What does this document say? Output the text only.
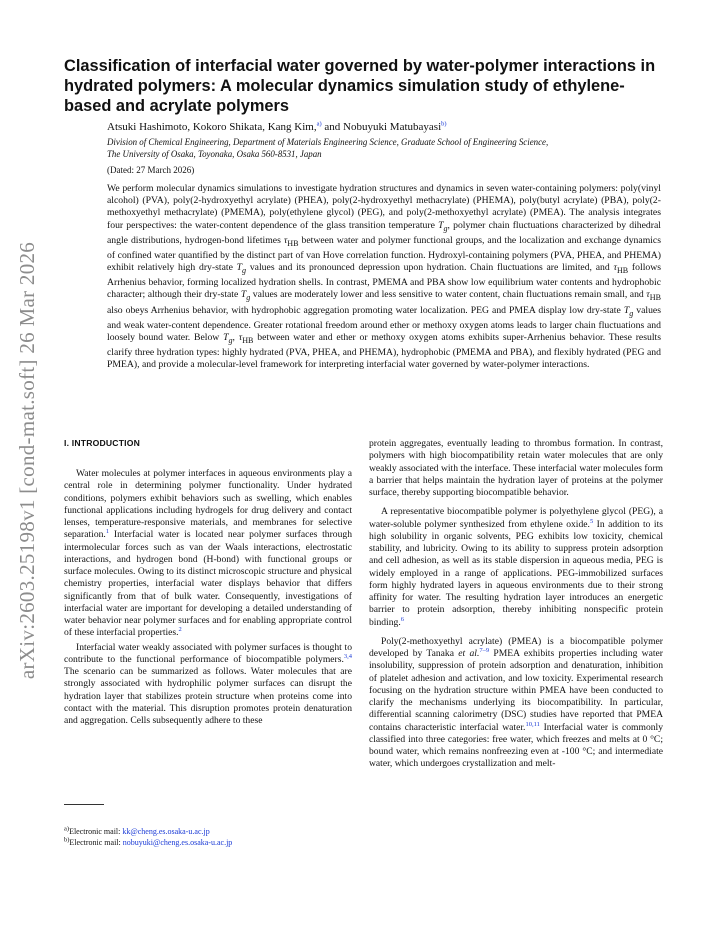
arXiv:2603.25198v1 [cond-mat.soft] 26 Mar 2026
Classification of interfacial water governed by water-polymer interactions in hydrated polymers: A molecular dynamics simulation study of ethylene-based and acrylate polymers
Atsuki Hashimoto, Kokoro Shikata, Kang Kim,$^{a)}$ and Nobuyuki Matubayasi$^{b)}$
Division of Chemical Engineering, Department of Materials Engineering Science, Graduate School of Engineering Science,
The University of Osaka, Toyonaka, Osaka 560-8531, Japan
(Dated: 27 March 2026)

We perform molecular dynamics simulations to investigate hydration structures and dynamics in seven water-containing polymers: poly(vinyl alcohol) (PVA), poly(2-hydroxyethyl acrylate) (PHEA), poly(2-hydroxyethyl methacrylate) (PHEMA), poly(butyl acrylate) (PBA), poly(2-methoxyethyl methacrylate) (PMEMA), poly(ethylene glycol) (PEG), and poly(2-methoxyethyl acrylate) (PMEA). The analysis integrates four perspectives: the water-content dependence of the glass transition temperature $T_g$, polymer chain fluctuations characterized by dihedral angle distributions, hydrogen-bond lifetimes $\tau_{HB}$ between water and polymer functional groups, and the localization and exchange dynamics of confined water quantified by the distinct part of van Hove correlation function. Hydroxyl-containing polymers (PVA, PHEA, and PHEMA) exhibit relatively high dry-state $T_g$ values and its pronounced depression upon hydration. Chain fluctuations are limited, and $\tau_{HB}$ follows Arrhenius behavior, forming localized hydration shells. In contrast, PMEMA and PBA show low equilibrium water contents and hydrophobic character; although their dry-state $T_g$ values are moderately lower and less sensitive to water content, chain fluctuations remain small, and $\tau_{HB}$ also obeys Arrhenius behavior, with hydrophobic aggregation promoting water localization. PEG and PMEA display low dry-state $T_g$ values and weak water-content dependence. Greater rotational freedom around ether or methoxy oxygen atoms leads to larger chain fluctuations and loosely bound water. Below $T_g$, $\tau_{HB}$ between water and ether or methoxy oxygen atoms exhibits super-Arrhenius behavior. These results clarify three hydration types: highly hydrated (PVA, PHEA, and PHEMA), hydrophobic (PMEMA and PBA), and flexibly hydrated (PEG and PMEA), and provide a molecular-level framework for interpreting interfacial water governed by water-polymer interactions.

I. INTRODUCTION

Water molecules at polymer interfaces in aqueous environments play a central role in determining polymer functionality. Under hydrated conditions, polymers exhibit behaviors such as swelling, which enables functional applications including hydrogels for drug delivery and contact lenses, temperature-responsive materials, and membranes for selective separation.$^1$ Interfacial water is located near polymer surfaces through intermolecular forces such as van der Waals interactions, electrostatic interactions, and hydrogen bond (H-bond) with functional groups or surface molecules. Owing to its distinct microscopic structure and physical chemistry properties, interfacial water displays behavior that differs significantly from that of bulk water. Consequently, investigations of interfacial water are important for developing a detailed understanding of water behavior near polymer surfaces and for enabling appropriate control of these interfacial properties.$^2$

Interfacial water weakly associated with polymer surfaces is thought to contribute to the functional performance of biocompatible polymers.$^{3,4}$ The scenario can be summarized as follows. Water molecules that are strongly associated with hydrophilic polymer surfaces can disrupt the hydration layer that stabilizes protein structure when proteins come into contact with the material. This disruption promotes protein denaturation and aggregation. Cells subsequently adhere to these

protein aggregates, eventually leading to thrombus formation. In contrast, polymers with high biocompatibility retain water molecules that are only weakly associated with the interface. These interfacial water molecules form a barrier that helps maintain the hydration layer of proteins at the polymer surface, thereby supporting biocompatible behavior.

A representative biocompatible polymer is polyethylene glycol (PEG), a water-soluble polymer synthesized from ethylene oxide.$^5$ In addition to its high solubility in organic solvents, PEG exhibits low toxicity, chemical stability, and lubricity. Owing to its ability to suppress protein adsorption and cell adhesion, as well as its stable dispersion in aqueous media, PEG is widely employed in a range of applications. PEG-immobilized surfaces form highly hydrated layers in aqueous environments due to their strong affinity for water. The resulting hydration layer introduces an energetic barrier to protein adsorption, thereby inhibiting nonspecific protein binding.$^6$

Poly(2-methoxyethyl acrylate) (PMEA) is a biocompatible polymer developed by Tanaka et al.$^{7-9}$ PMEA exhibits properties including water insolubility, suppression of protein adsorption and denaturation, inhibition of platelet adhesion and activation, and low toxicity. Experimental research focusing on the hydration structure within PMEA have been conducted to clarify the mechanisms underlying its biocompatibility. In particular, differential scanning calorimetry (DSC) studies have reported that PMEA contains characteristic interfacial water.$^{10,11}$ Interfacial water is commonly classified into three categories: free water, which freezes and melts at 0 °C; bound water, which remains nonfreezing even at -100 °C; and intermediate water, which undergoes crystallization and melt-

$^{a)}$Electronic mail: kk@cheng.es.osaka-u.ac.jp
$^{b)}$Electronic mail: nobuyuki@cheng.es.osaka-u.ac.jp
